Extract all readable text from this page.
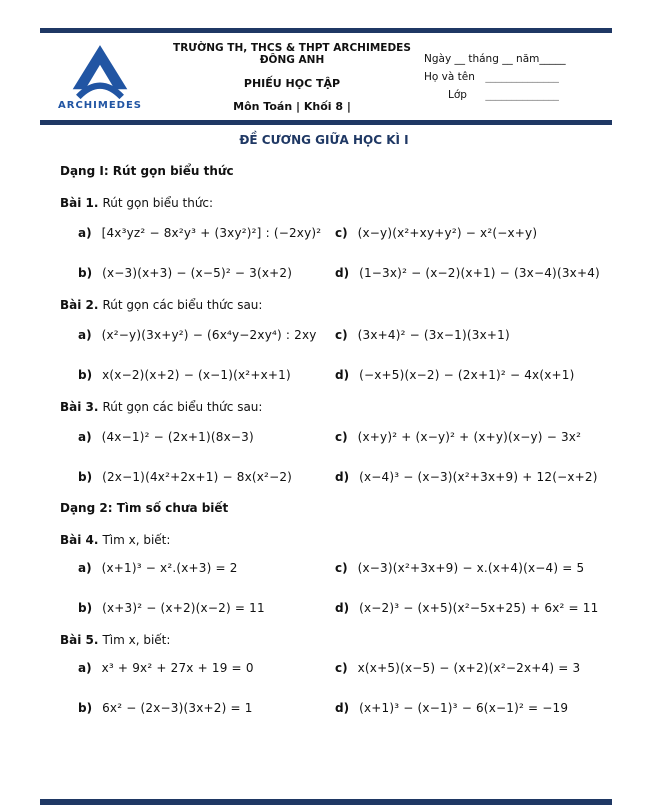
ARCHIMEDES
TRƯỜNG TH, THCS & THPT ARCHIMEDES ĐÔNG ANH
PHIẾU HỌC TẬP
Môn Toán | Khối 8 |
Ngày __ tháng __ năm_____
Họ và tên ______________
Lớp ______________
ĐỀ CƯƠNG GIỮA HỌC KÌ I
Dạng I: Rút gọn biểu thức
Bài 1. Rút gọn biểu thức:
a) [4x³yz² − 8x²y³ + (3xy²)²] : (−2xy)² c) (x−y)(x²+xy+y²) − x²(−x+y)
b) (x−3)(x+3) − (x−5)² − 3(x+2)	d) (1−3x)² − (x−2)(x+1) − (3x−4)(3x+4)
Bài 2. Rút gọn các biểu thức sau:
a) (x²−y)(3x+y²) − (6x⁴y−2xy⁴) : 2xy c) (3x+4)² − (3x−1)(3x+1)
b) x(x−2)(x+2) − (x−1)(x²+x+1)	d) (−x+5)(x−2) − (2x+1)² − 4x(x+1)
Bài 3. Rút gọn các biểu thức sau:
a) (4x−1)² − (2x+1)(8x−3)	c) (x+y)² + (x−y)² + (x+y)(x−y) − 3x²
b) (2x−1)(4x²+2x+1) − 8x(x²−2)	d) (x−4)³ − (x−3)(x²+3x+9) + 12(−x+2)
Dạng 2: Tìm số chưa biết
Bài 4. Tìm x, biết:
a) (x+1)³ − x².(x+3) = 2	c) (x−3)(x²+3x+9) − x.(x+4)(x−4) = 5
b) (x+3)² − (x+2)(x−2) = 11	d) (x−2)³ − (x+5)(x²−5x+25) + 6x² = 11
Bài 5. Tìm x, biết:
a) x³ + 9x² + 27x + 19 = 0	c) x(x+5)(x−5) − (x+2)(x²−2x+4) = 3
b) 6x² − (2x−3)(3x+2) = 1	d) (x+1)³ − (x−1)³ − 6(x−1)² = −19
